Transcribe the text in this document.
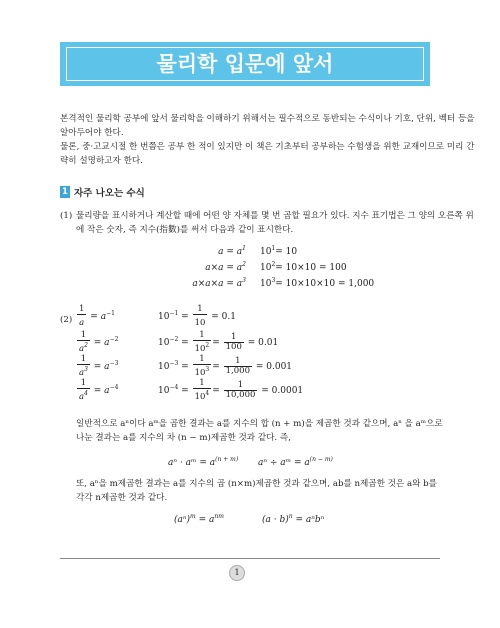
물리학 입문에 앞서
본격적인 물리학 공부에 앞서 물리학을 이해하기 위해서는 필수적으로 동반되는 수식이나 기호, 단위, 벡터 등을
알아두어야 한다.
물론, 중·고교시절 한 번쯤은 공부 한 적이 있지만 이 책은 기초부터 공부하는 수험생을 위한 교재이므로 미리 간
략히 설명하고자 한다.
1 자주 나오는 수식
(1) 물리량을 표시하거나 계산할 때에 어떤 양 자체를 몇 번 곱할 필요가 있다. 지수 표기법은 그 양의 오른쪽 위
에 작은 숫자, 즉 지수(指數)를 써서 다음과 같이 표시한다.
$a = a^1$
$a\times a = a^2$
$a\times a\times a = a^3$
$10^1= 10$
$10^2= 10\times 10 = 100$
$10^3= 10\times 10\times 10 = 1,000$
$(2) \frac{1}{a} = a^{-1}$
$\frac{1}{a^2} = a^{-2}$
$\frac{1}{a^3} = a^{-3}$
$\frac{1}{a^4} = a^{-4}$
$10^{-1} = \frac{1}{10} = 0.1$
$10^{-2} = \frac{1}{10^2} = \frac{1}{100} = 0.01$
$10^{-3} = \frac{1}{10^3} = \frac{1}{1,000} = 0.001$
$10^{-4} = \frac{1}{10^4} = \frac{1}{10,000} = 0.0001$
일반적으로 aⁿ이다 aᵐ을 곱한 결과는 a를 지수의 합 (n + m)을 제곱한 것과 같으며, aⁿ 을 aᵐ으로
나눈 결과는 a를 지수의 차 (n − m)제곱한 것과 같다. 즉,
aⁿ · aᵐ = $a^{(n + m)}$ aⁿ ÷ aᵐ = $a^{(n - m)}$
또, aⁿ을 m제곱한 결과는 a를 지수의 곱 (n×m)제곱한 것과 같으며, ab를 n제곱한 것은 a와 b를
각각 n제곱한 것과 같다.
$(a^n)^m = a^{nm}$	$(a \cdot b)^n = a^nb^n$
1
